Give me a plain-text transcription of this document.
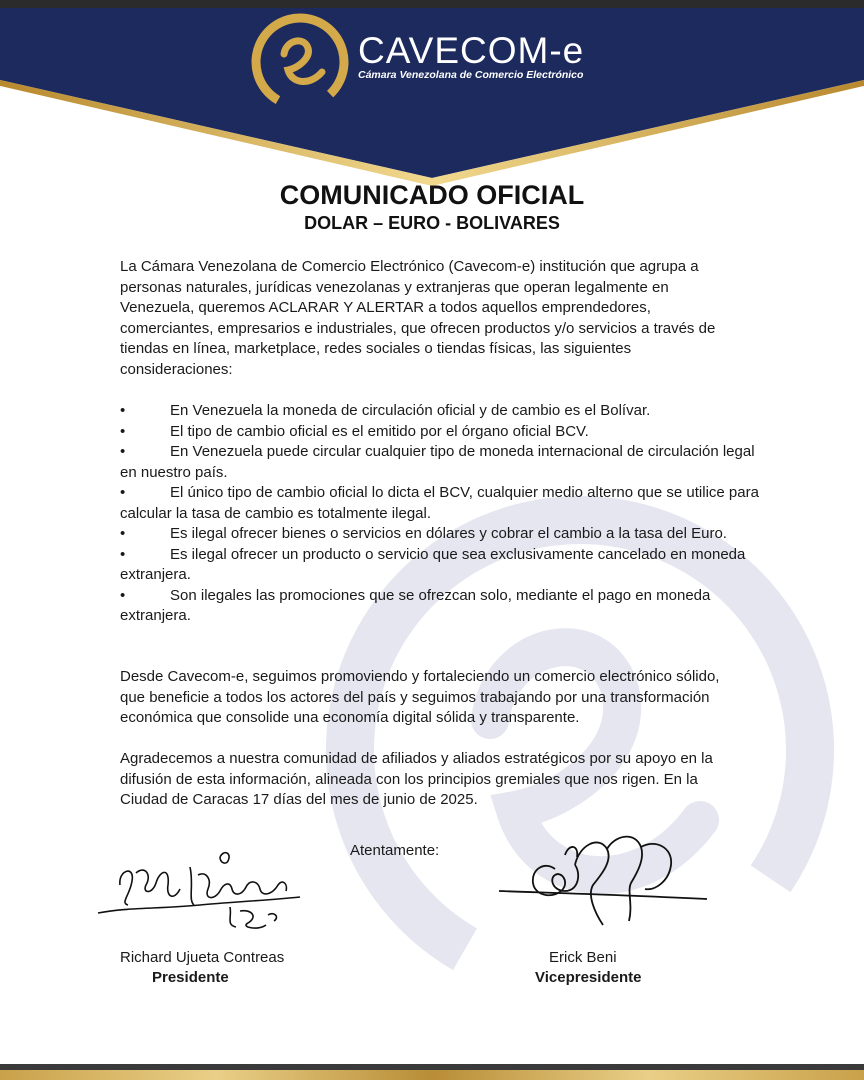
CAVECOM-e
Cámara Venezolana de Comercio Electrónico
COMUNICADO OFICIAL
DOLAR – EURO - BOLIVARES
La Cámara Venezolana de Comercio Electrónico (Cavecom-e) institución que agrupa a
personas naturales, jurídicas venezolanas y extranjeras que operan legalmente en
Venezuela, queremos ACLARAR Y ALERTAR a todos aquellos emprendedores,
comerciantes, empresarios e industriales, que ofrecen productos y/o servicios a través de
tiendas en línea, marketplace, redes sociales o tiendas físicas, las siguientes
consideraciones:
•	En Venezuela la moneda de circulación oficial y de cambio es el Bolívar.
•	El tipo de cambio oficial es el emitido por el órgano oficial BCV.
•	En Venezuela puede circular cualquier tipo de moneda internacional de circulación legal en nuestro país.
•	El único tipo de cambio oficial lo dicta el BCV, cualquier medio alterno que se utilice para calcular la tasa de cambio es totalmente ilegal.
•	Es ilegal ofrecer bienes o servicios en dólares y cobrar el cambio a la tasa del Euro.
•	Es ilegal ofrecer un producto o servicio que sea exclusivamente cancelado en moneda extranjera.
•	Son ilegales las promociones que se ofrezcan solo, mediante el pago en moneda extranjera.
Desde Cavecom-e, seguimos promoviendo y fortaleciendo un comercio electrónico sólido,
que beneficie a todos los actores del país y seguimos trabajando por una transformación
económica que consolide una economía digital sólida y transparente.
Agradecemos a nuestra comunidad de afiliados y aliados estratégicos por su apoyo en la
difusión de esta información, alineada con los principios gremiales que nos rigen. En la
Ciudad de Caracas 17 días del mes de junio de 2025.
Atentamente:
Richard Ujueta Contreas
Presidente
Erick Beni
Vicepresidente
